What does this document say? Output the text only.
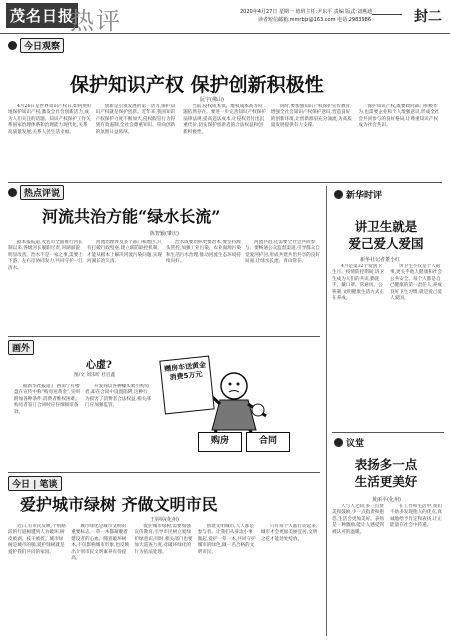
茂名日报
MAOMING DAILY 热评	2020年4月27日 星期一 值班主任:尹东平 责编 版式:刘燕迪
读者短信邮箱:mmrbjz@163.com 电话:2983986	封二
今日观察
保护知识产权 保护创新积极性
阮宇(佛山)

4月26日是世界知识产权日,如何更好地保护知识产权,激发全社会创新活力,成为人们关注的话题。知识产权保护工作关系国家治理体系和治理能力现代化,关系高质量发展,关系人民生活幸福。

创新是引领发展的第一动力,保护知识产权就是保护创新。近年来,我国知识产权保护力度不断加大,侵权假冒行为得到有效遏制,全社会尊重知识、崇尚创新的氛围日益浓厚。

当前,侵权成本低、维权成本高等问题依然存在。要进一步完善知识产权保护法律法规,提高违法成本,让侵权者付出沉重代价,切实保护创新者的合法权益和创新积极性。

同时,要加强知识产权保护宣传教育,增强全社会知识产权保护意识,营造良好的创新环境,让创新源泉充分涌流,为高质量发展提供有力支撑。

保护知识产权,既要政府部门积极作为,也需要企业和个人增强意识,形成全社会共同参与的良好格局,让尊重知识产权成为社会共识。

热点评说
河流共治方能“绿水长流”
陈智颖(肇庆)

据本报报道,茂名市全面推行河长制以来,各级河长履职尽责,河湖面貌明显改善。治水不是一家之事,需要上下游、左右岸协同发力,共同守护一江清水。

河流治理涉及多个部门和地区,只有打破行政壁垒,建立联防联控机制,才能从根本上解决河流污染问题,实现河湖长治久清。

治水既要治标更要治本,要坚持源头管控,加强工业污染、农业面源污染和生活污水治理,推动河流生态环境持续向好。

河流共治,还需要全社会共同参与。要畅通公众监督渠道,引导群众自觉爱河护河,形成共建共治共享的良好局面,让绿水长流、青山常在。

画外
心虚?
图/文 刘乐昕 杜启鑫

据新华社报道,广西南宁有楼盘在宣传中称“购房送黄金”,实则附加各种条件,消费者维权困难。购房者签订合同时应仔细阅读条款。

开发商以各种噱头吸引购房者,却在合同中设置陷阱,这种行为损害了消费者合法权益,相关部门应加强监管。

赠房车送黄金消费5万元
购房	合同
今日 | 笔谈
爱护城市绿树 齐做文明市民
王婷婷(化州)

近日,有市民反映,个别路段的行道树遭到人为破坏,树皮被剥、枝干被折。城市绿树是城市的肺,爱护绿树就是爱护我们共同的家园。

城市绿化是城市文明的重要标志,一草一木都凝聚着建设者的心血。随意破坏树木,不仅影响城市形象,也反映出个别市民文明素养有待提高。

爱护城市绿树,需要加强宣传教育,引导市民树立爱绿护绿意识;同时,相关部门也要加大巡查力度,对破坏绿化的行为依法处理。

创建文明城市,人人都是参与者。让我们从身边小事做起,爱护一草一木,共同守护城市的绿色,做一名合格的文明市民。

只有每个人都行动起来,城市才会更加美丽宜居,文明之花才能处处绽放。

新华时评
讲卫生就是
爱己爱人爱国
新华社记者董小红

4月是第32个爱国卫生月。疫情防控期间,讲卫生成为人们的共识,勤洗手、戴口罩、常通风、公筷制,文明健康生活方式正在养成。

讲卫生不仅是个人的事,更关乎他人健康和社会公共安全。每个人都是自己健康的第一责任人,养成良好卫生习惯,就是爱己爱人爱国。

议堂
表扬多一点
生活更美好
黄丽平(化州)

人与人之间,多一点赞美和鼓励,少一点指责和抱怨,生活会更加美好。表扬是一种激励,能让人感受到被认可的温暖。

在工作和生活中,我们不妨多发现他人的优点,真诚地给予肯定和表扬,让正能量在社会中传递。
